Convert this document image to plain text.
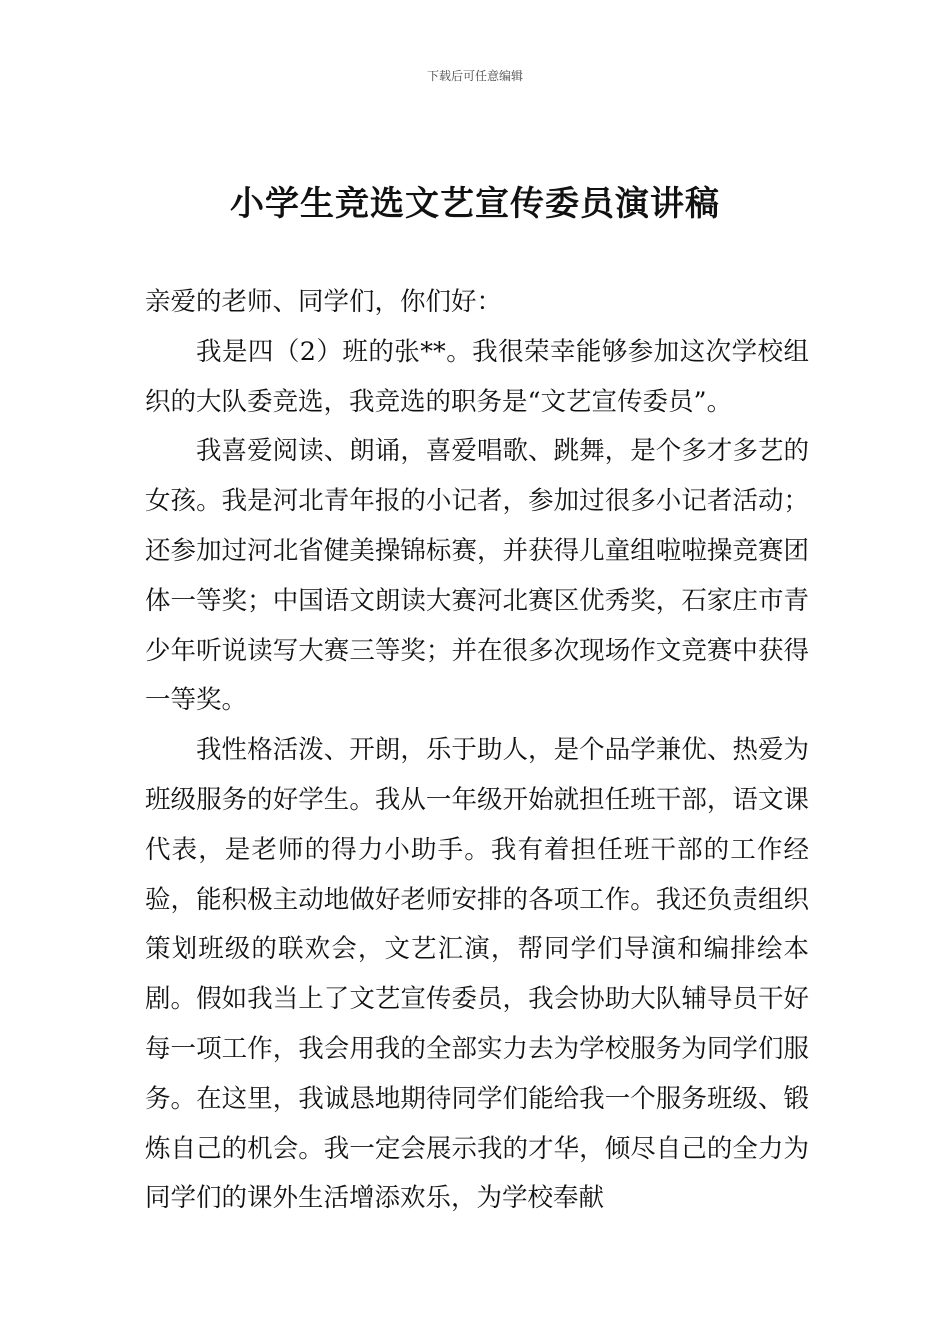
下载后可任意编辑
小学生竞选文艺宣传委员演讲稿

亲爱的老师、同学们，你们好：

我是四（2）班的张**。我很荣幸能够参加这次学校组织的大队委竞选，我竞选的职务是“文艺宣传委员”。

我喜爱阅读、朗诵，喜爱唱歌、跳舞，是个多才多艺的女孩。我是河北青年报的小记者，参加过很多小记者活动；还参加过河北省健美操锦标赛，并获得儿童组啦啦操竞赛团体一等奖；中国语文朗读大赛河北赛区优秀奖，石家庄市青少年听说读写大赛三等奖；并在很多次现场作文竞赛中获得一等奖。

我性格活泼、开朗，乐于助人，是个品学兼优、热爱为班级服务的好学生。我从一年级开始就担任班干部，语文课代表，是老师的得力小助手。我有着担任班干部的工作经验，能积极主动地做好老师安排的各项工作。我还负责组织策划班级的联欢会，文艺汇演，帮同学们导演和编排绘本剧。假如我当上了文艺宣传委员，我会协助大队辅导员干好每一项工作，我会用我的全部实力去为学校服务为同学们服务。在这里，我诚恳地期待同学们能给我一个服务班级、锻炼自己的机会。我一定会展示我的才华，倾尽自己的全力为同学们的课外生活增添欢乐，为学校奉献
